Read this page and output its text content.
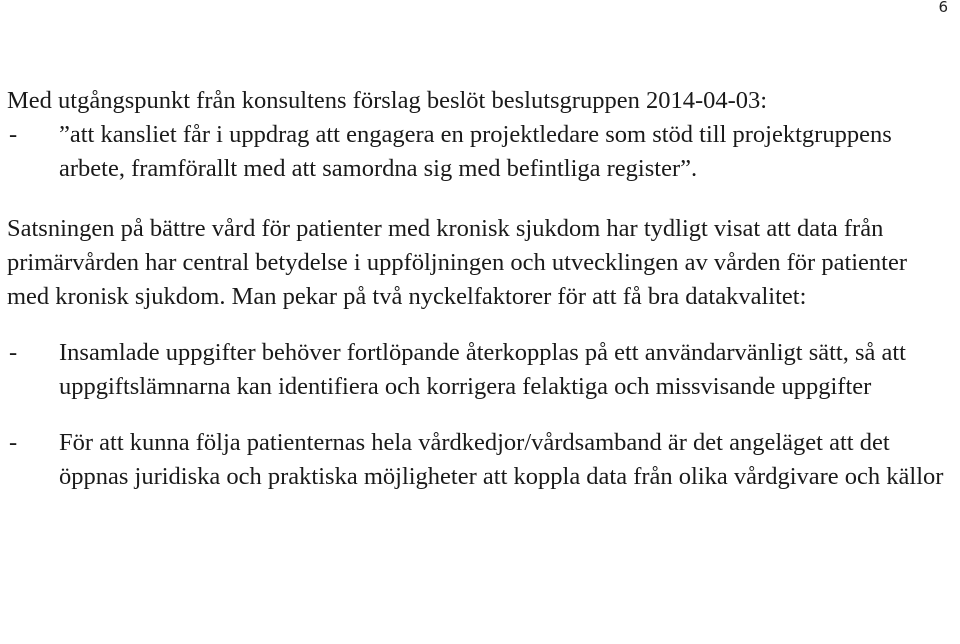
6

Med utgångspunkt från konsultens förslag beslöt beslutsgruppen 2014-04-03:

-	”att kansliet får i uppdrag att engagera en projektledare som stöd till projektgruppens arbete, framförallt med att samordna sig med befintliga register”.

Satsningen på bättre vård för patienter med kronisk sjukdom har tydligt visat att data från primärvården har central betydelse i uppföljningen och utvecklingen av vården för patienter med kronisk sjukdom. Man pekar på två nyckelfaktorer för att få bra datakvalitet:

-	Insamlade uppgifter behöver fortlöpande återkopplas på ett användarvänligt sätt, så att uppgiftslämnarna kan identifiera och korrigera felaktiga och missvisande uppgifter
-	För att kunna följa patienternas hela vårdkedjor/vårdsamband är det angeläget att det öppnas juridiska och praktiska möjligheter att koppla data från olika vårdgivare och källor
